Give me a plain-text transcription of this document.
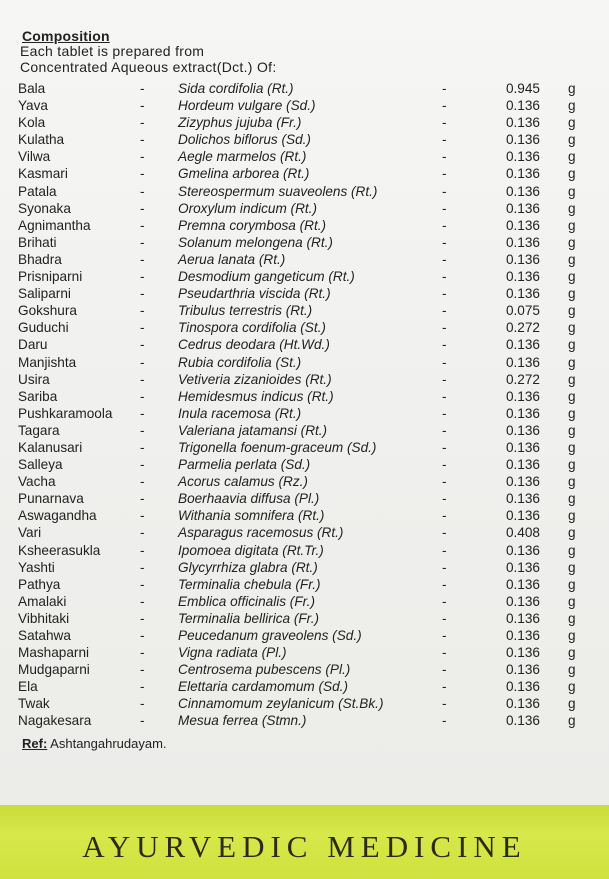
Composition
Each tablet is prepared from
Concentrated Aqueous extract(Dct.) Of:
Bala	- Sida cordifolia (Rt.)	-	0.945 g
Yava	- Hordeum vulgare (Sd.)	-	0.136 g
Kola	- Zizyphus jujuba (Fr.)	-	0.136 g
Kulatha	- Dolichos biflorus (Sd.)	-	0.136 g
Vilwa	- Aegle marmelos (Rt.)	-	0.136 g
Kasmari	- Gmelina arborea (Rt.)	-	0.136 g
Patala	- Stereospermum suaveolens (Rt.)	-	0.136 g
Syonaka	- Oroxylum indicum (Rt.)	-	0.136 g
Agnimantha	- Premna corymbosa (Rt.)	-	0.136 g
Brihati	- Solanum melongena (Rt.)	-	0.136 g
Bhadra	- Aerua lanata (Rt.)	-	0.136 g
Prisniparni	- Desmodium gangeticum (Rt.)	-	0.136 g
Saliparni	- Pseudarthria viscida (Rt.)	-	0.136 g
Gokshura	- Tribulus terrestris (Rt.)	-	0.075 g
Guduchi	- Tinospora cordifolia (St.)	-	0.272 g
Daru	- Cedrus deodara (Ht.Wd.)	-	0.136 g
Manjishta	- Rubia cordifolia (St.)	-	0.136 g
Usira	- Vetiveria zizanioides (Rt.)	-	0.272 g
Sariba	- Hemidesmus indicus (Rt.)	-	0.136 g
Pushkaramoola - Inula racemosa (Rt.)	-	0.136 g
Tagara	- Valeriana jatamansi (Rt.)	-	0.136 g
Kalanusari	- Trigonella foenum-graceum (Sd.)	-	0.136 g
Salleya	- Parmelia perlata (Sd.)	-	0.136 g
Vacha	- Acorus calamus (Rz.)	-	0.136 g
Punarnava	- Boerhaavia diffusa (Pl.)	-	0.136 g
Aswagandha	- Withania somnifera (Rt.)	-	0.136 g
Vari	- Asparagus racemosus (Rt.)	-	0.408 g
Ksheerasukla	- Ipomoea digitata (Rt.Tr.)	-	0.136 g
Yashti	- Glycyrrhiza glabra (Rt.)	-	0.136 g
Pathya	- Terminalia chebula (Fr.)	-	0.136 g
Amalaki	- Emblica officinalis (Fr.)	-	0.136 g
Vibhitaki	- Terminalia bellirica (Fr.)	-	0.136 g
Satahwa	- Peucedanum graveolens (Sd.)	-	0.136 g
Mashaparni	- Vigna radiata (Pl.)	-	0.136 g
Mudgaparni	- Centrosema pubescens (Pl.)	-	0.136 g
Ela	- Elettaria cardamomum (Sd.)	-	0.136 g
Twak	- Cinnamomum zeylanicum (St.Bk.)	-	0.136 g
Nagakesara	- Mesua ferrea (Stmn.)	-	0.136 g
Ref: Ashtangahrudayam.
AYURVEDIC MEDICINE
